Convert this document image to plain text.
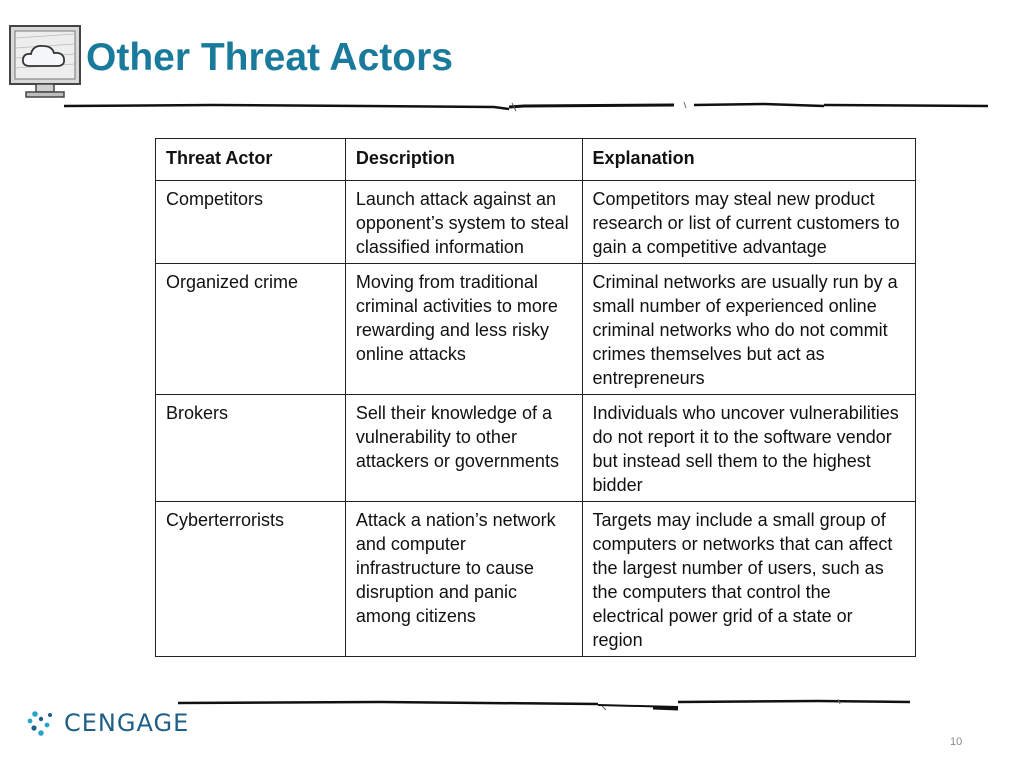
Other Threat Actors
Threat Actor	Description	Explanation
Competitors	Launch attack against an opponent’s system to steal classified information	Competitors may steal new product research or list of current customers to gain a competitive advantage
Organized crime	Moving from traditional criminal activities to more rewarding and less risky online attacks	Criminal networks are usually run by a small number of experienced online criminal networks who do not commit crimes themselves but act as entrepreneurs
Brokers	Sell their knowledge of a vulnerability to other attackers or governments	Individuals who uncover vulnerabilities do not report it to the software vendor but instead sell them to the highest bidder
Cyberterrorists	Attack a nation’s network and computer infrastructure to cause disruption and panic among citizens	Targets may include a small group of computers or networks that can affect the largest number of users, such as the computers that control the electrical power grid of a state or region
CENGAGE
10
